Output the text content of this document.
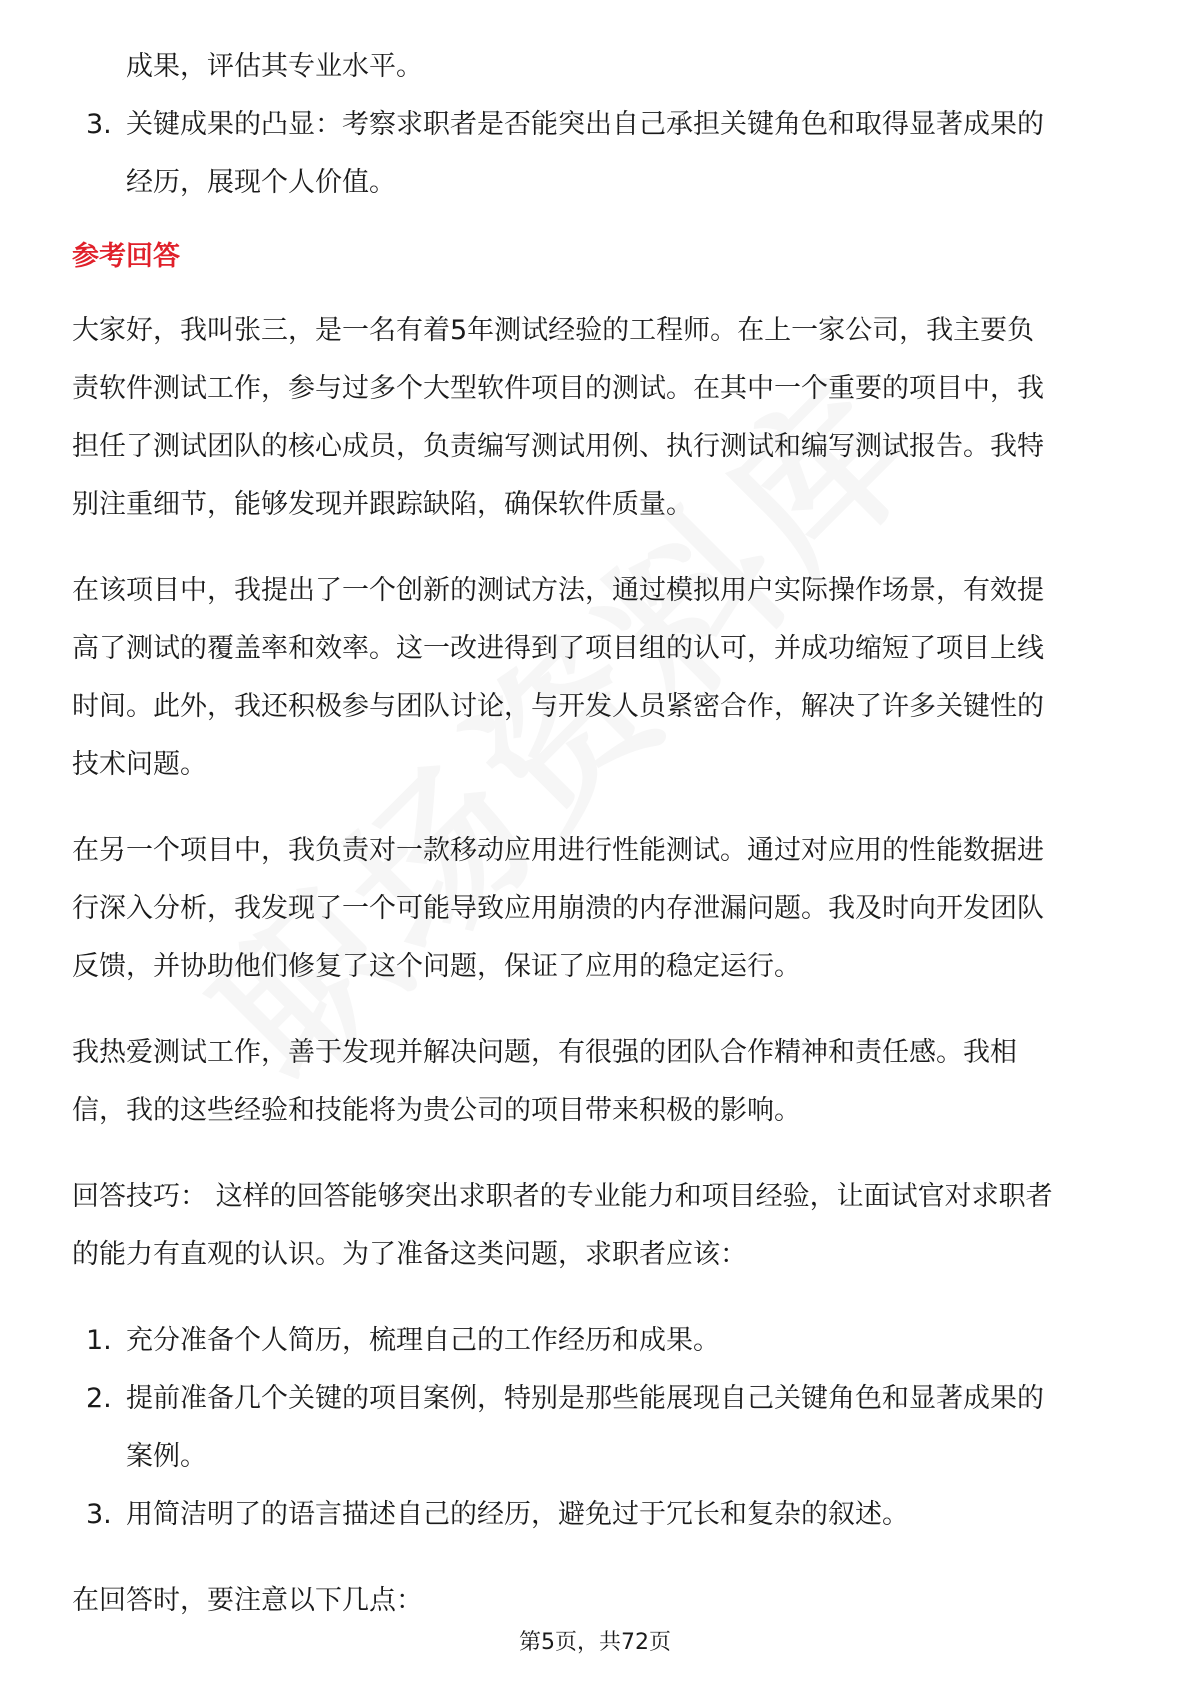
成果，评估其专业水平。
3. 关键成果的凸显：考察求职者是否能突出自己承担关键角色和取得显著成果的
经历，展现个人价值。
参考回答
大家好，我叫张三，是一名有着5年测试经验的工程师。在上一家公司，我主要负
责软件测试工作，参与过多个大型软件项目的测试。在其中一个重要的项目中，我
担任了测试团队的核心成员，负责编写测试用例、执行测试和编写测试报告。我特
别注重细节，能够发现并跟踪缺陷，确保软件质量。
在该项目中，我提出了一个创新的测试方法，通过模拟用户实际操作场景，有效提
高了测试的覆盖率和效率。这一改进得到了项目组的认可，并成功缩短了项目上线
时间。此外，我还积极参与团队讨论，与开发人员紧密合作，解决了许多关键性的
技术问题。
在另一个项目中，我负责对一款移动应用进行性能测试。通过对应用的性能数据进
行深入分析，我发现了一个可能导致应用崩溃的内存泄漏问题。我及时向开发团队
反馈，并协助他们修复了这个问题，保证了应用的稳定运行。
我热爱测试工作，善于发现并解决问题，有很强的团队合作精神和责任感。我相
信，我的这些经验和技能将为贵公司的项目带来积极的影响。
回答技巧： 这样的回答能够突出求职者的专业能力和项目经验，让面试官对求职者
的能力有直观的认识。为了准备这类问题，求职者应该：
1. 充分准备个人简历，梳理自己的工作经历和成果。
2. 提前准备几个关键的项目案例，特别是那些能展现自己关键角色和显著成果的
案例。
3. 用简洁明了的语言描述自己的经历，避免过于冗长和复杂的叙述。
在回答时，要注意以下几点：
第5页，共72页
